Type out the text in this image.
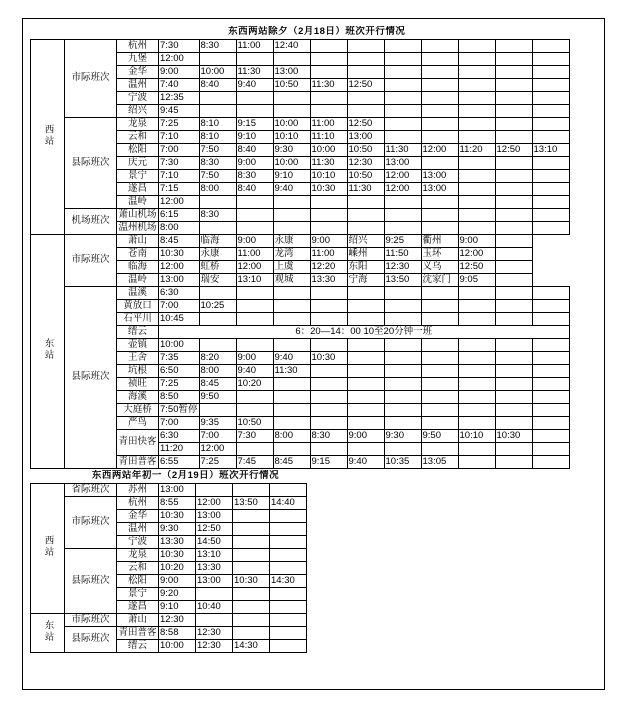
	东西两站除夕（2月18日）班次开行情况												
西站	市际班次	杭州	7:30	8:30	11:00	12:40							
		九堡	12:00										
		金华	9:00	10:00	11:30	13:00							
		温州	7:40	8:40	9:40	10:50	11:30	12:50					
		宁波	12:35										
		绍兴	9:45										
	县际班次	龙泉	7:25	8:10	9:15	10:00	11:00	12:50					
		云和	7:10	8:10	9:10	10:10	11:10	13:00					
		松阳	7:00	7:50	8:40	9:30	10:00	10:50	11:30	12:00	11:20	12:50	13:10
		庆元	7:30	8:30	9:00	10:00	11:30	12:30	13:00				
		景宁	7:10	7:50	8:30	9:10	10:10	10:50	12:00	13:00			
		遂昌	7:15	8:00	8:40	9:40	10:30	11:30	12:00	13:00			
		温岭	12:00										
	机场班次	萧山机场	6:15	8:30									
		温州机场	8:00										
东站	市际班次	萧山	8:45	临海	9:00	永康	9:00	绍兴	9:25	衢州	9:00		
		苍南	10:30	永康	11:00	龙湾	11:00	嵊州	11:50	玉环	12:00		
		临海	12:00	虹桥	12:00	上虞	12:20	东阳	12:30	义乌	12:50		
		温岭	13:00	瑞安	13:10	观城	13:30	宁海	13:50	沈家门	9:05		
	县际班次	温溪	6:30										
		黄放口	7:00	10:25									
		石平川	10:45										
		缙云	6：20—14：00 10至20分钟一班										
		壶镇	10:00										
		王舍	7:35	8:20	9:00	9:40	10:30						
		坑根	6:50	8:00	9:40	11:30							
		祯旺	7:25	8:45	10:20								
		海溪	8:50	9:50									
		大庭桥	7:50暂停										
		严鸟	7:00	9:35	10:50								
		青田快客	6:30	7:00	7:30	8:00	8:30	9:00	9:30	9:50	10:10	10:30	
			11:20	12:00									
		青田普客	6:55	7:25	7:45	8:45	9:15	9:40	10:35	13:05			
	东西两站年初一（2月19日）班次开行情况					
西站	省际班次	苏州	13:00			
	市际班次	杭州	8:55	12:00	13:50	14:40
		金华	10:30	13:00		
		温州	9:30	12:50		
		宁波	13:30	14:50		
	县际班次	龙泉	10:30	13:10		
		云和	10:20	13:30		
		松阳	9:00	13:00	10:30	14:30
		景宁	9:20			
		遂昌	9:10	10:40		
东站	市际班次	萧山	12:30			
	县际班次	青田普客	8:58	12:30		
		缙云	10:00	12:30	14:30	
